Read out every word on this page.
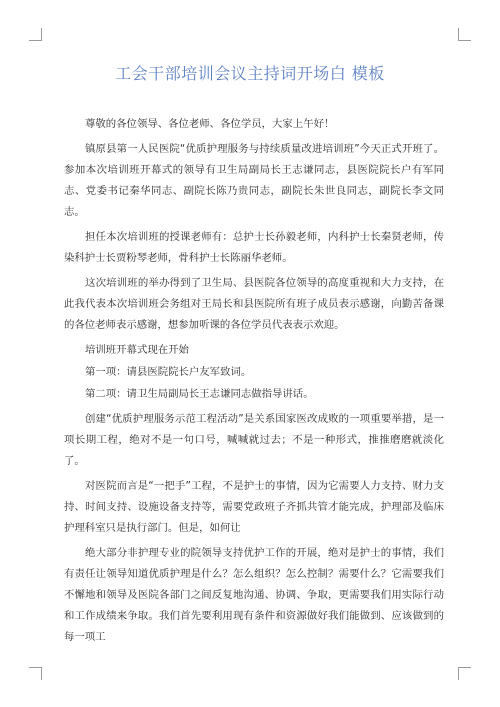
工会干部培训会议主持词开场白 模板

尊敬的各位领导、各位老师、各位学员，大家上午好！

镇原县第一人民医院“优质护理服务与持续质量改进培训班”今天正式开班了。参加本次培训班开幕式的领导有卫生局副局长王志谦同志，县医院院长户有军同志、党委书记秦华同志、副院长陈乃贵同志，副院长朱世良同志，副院长李文同志。

担任本次培训班的授课老师有：总护士长孙毅老师，内科护士长秦贤老师，传染科护士长贾粉琴老师，骨科护士长陈丽华老师。

这次培训班的举办得到了卫生局、县医院各位领导的高度重视和大力支持，在此我代表本次培训班会务组对王局长和县医院所有班子成员表示感谢，向勤苦备课的各位老师表示感谢，想参加听课的各位学员代表表示欢迎。

培训班开幕式现在开始

第一项：请县医院院长户友军致词。

第二项：请卫生局副局长王志谦同志做指导讲话。

创建“优质护理服务示范工程活动”是关系国家医改成败的一项重要举措，是一项长期工程，绝对不是一句口号，喊喊就过去；不是一种形式，推推磨磨就淡化了。

对医院而言是“一把手”工程，不是护士的事情，因为它需要人力支持、财力支持、时间支持、设施设备支持等，需要党政班子齐抓共管才能完成，护理部及临床护理科室只是执行部门。但是，如何让

绝大部分非护理专业的院领导支持优护工作的开展，绝对是护士的事情，我们有责任让领导知道优质护理是什么？怎么组织？怎么控制？需要什么？它需要我们不懈地和领导及医院各部门之间反复地沟通、协调、争取，更需要我们用实际行动和工作成绩来争取。我们首先要利用现有条件和资源做好我们能做到、应该做到的每一项工
